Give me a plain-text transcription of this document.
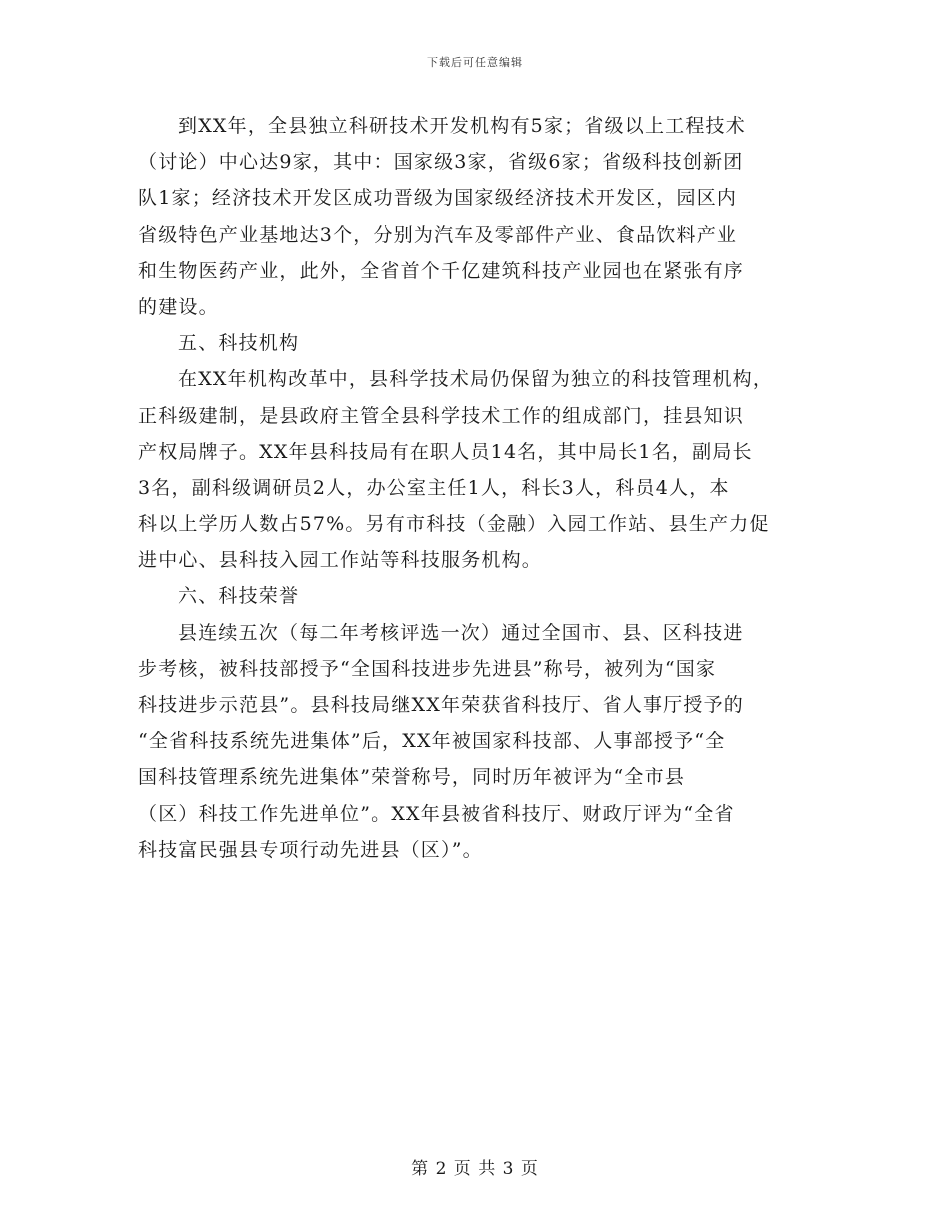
下载后可任意编辑
到XX年，全县独立科研技术开发机构有5家；省级以上工程技术
（讨论）中心达9家，其中：国家级3家，省级6家；省级科技创新团
队1家；经济技术开发区成功晋级为国家级经济技术开发区，园区内
省级特色产业基地达3个，分别为汽车及零部件产业、食品饮料产业
和生物医药产业，此外，全省首个千亿建筑科技产业园也在紧张有序
的建设。
五、科技机构
在XX年机构改革中，县科学技术局仍保留为独立的科技管理机构，
正科级建制，是县政府主管全县科学技术工作的组成部门，挂县知识
产权局牌子。XX年县科技局有在职人员14名，其中局长1名，副局长
3名，副科级调研员2人，办公室主任1人，科长3人，科员4人，本
科以上学历人数占57%。另有市科技（金融）入园工作站、县生产力促
进中心、县科技入园工作站等科技服务机构。
六、科技荣誉
县连续五次（每二年考核评选一次）通过全国市、县、区科技进
步考核，被科技部授予“全国科技进步先进县”称号，被列为“国家
科技进步示范县”。县科技局继XX年荣获省科技厅、省人事厅授予的
“全省科技系统先进集体”后，XX年被国家科技部、人事部授予“全
国科技管理系统先进集体”荣誉称号，同时历年被评为“全市县
（区）科技工作先进单位”。XX年县被省科技厅、财政厅评为“全省
科技富民强县专项行动先进县（区）”。
第 2 页 共 3 页
